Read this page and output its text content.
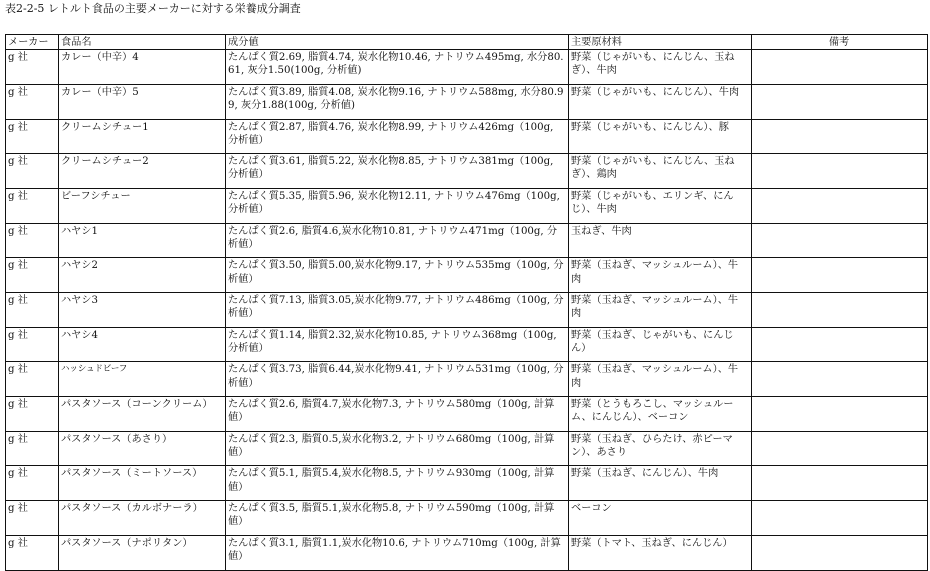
表2-2-5 レトルト食品の主要メーカーに対する栄養成分調査
メーカー	食品名	成分値	主要原材料	備考
g 社	カレー（中辛）4	たんぱく質2.69, 脂質4.74, 炭水化物10.46, ナトリウム495mg, 水分80.61, 灰分1.50(100g, 分析値)	野菜（じゃがいも、にんじん、玉ねぎ）、牛肉	
g 社	カレー（中辛）5	たんぱく質3.89, 脂質4.08, 炭水化物9.16, ナトリウム588mg, 水分80.99, 灰分1.88(100g, 分析値)	野菜（じゃがいも、にんじん）、牛肉	
g 社	クリームシチュー1	たんぱく質2.87, 脂質4.76, 炭水化物8.99, ナトリウム426mg（100g, 分析値）	野菜（じゃがいも、にんじん）、豚	
g 社	クリームシチュー2	たんぱく質3.61, 脂質5.22, 炭水化物8.85, ナトリウム381mg（100g, 分析値）	野菜（じゃがいも、にんじん、玉ねぎ）、鶏肉	
g 社	ビーフシチュー	たんぱく質5.35, 脂質5.96, 炭水化物12.11, ナトリウム476mg（100g, 分析値）	野菜（じゃがいも、エリンギ、にんじ）、牛肉	
g 社	ハヤシ1	たんぱく質2.6, 脂質4.6,炭水化物10.81, ナトリウム471mg（100g, 分析値）	玉ねぎ、牛肉	
g 社	ハヤシ2	たんぱく質3.50, 脂質5.00,炭水化物9.17, ナトリウム535mg（100g, 分析値）	野菜（玉ねぎ、マッシュルーム）、牛肉	
g 社	ハヤシ3	たんぱく質7.13, 脂質3.05,炭水化物9.77, ナトリウム486mg（100g, 分析値）	野菜（玉ねぎ、マッシュルーム）、牛肉	
g 社	ハヤシ4	たんぱく質1.14, 脂質2.32,炭水化物10.85, ナトリウム368mg（100g, 分析値）	野菜（玉ねぎ、じゃがいも、にんじん）	
g 社	ハッシュドビーフ	たんぱく質3.73, 脂質6.44,炭水化物9.41, ナトリウム531mg（100g, 分析値）	野菜（玉ねぎ、マッシュルーム）、牛肉	
g 社	パスタソース（コーンクリーム）	たんぱく質2.6, 脂質4.7,炭水化物7.3, ナトリウム580mg（100g, 計算値）	野菜（とうもろこし、マッシュルーム、にんじん）、ベーコン	
g 社	パスタソース（あさり）	たんぱく質2.3, 脂質0.5,炭水化物3.2, ナトリウム680mg（100g, 計算値）	野菜（玉ねぎ、ひらたけ、赤ピーマン）、あさり	
g 社	パスタソース（ミートソース）	たんぱく質5.1, 脂質5.4,炭水化物8.5, ナトリウム930mg（100g, 計算値）	野菜（玉ねぎ、にんじん）、牛肉	
g 社	パスタソース（カルボナーラ）	たんぱく質3.5, 脂質5.1,炭水化物5.8, ナトリウム590mg（100g, 計算値）	ベーコン	
g 社	パスタソース（ナポリタン）	たんぱく質3.1, 脂質1.1,炭水化物10.6, ナトリウム710mg（100g, 計算値）	野菜（トマト、玉ねぎ、にんじん）	
